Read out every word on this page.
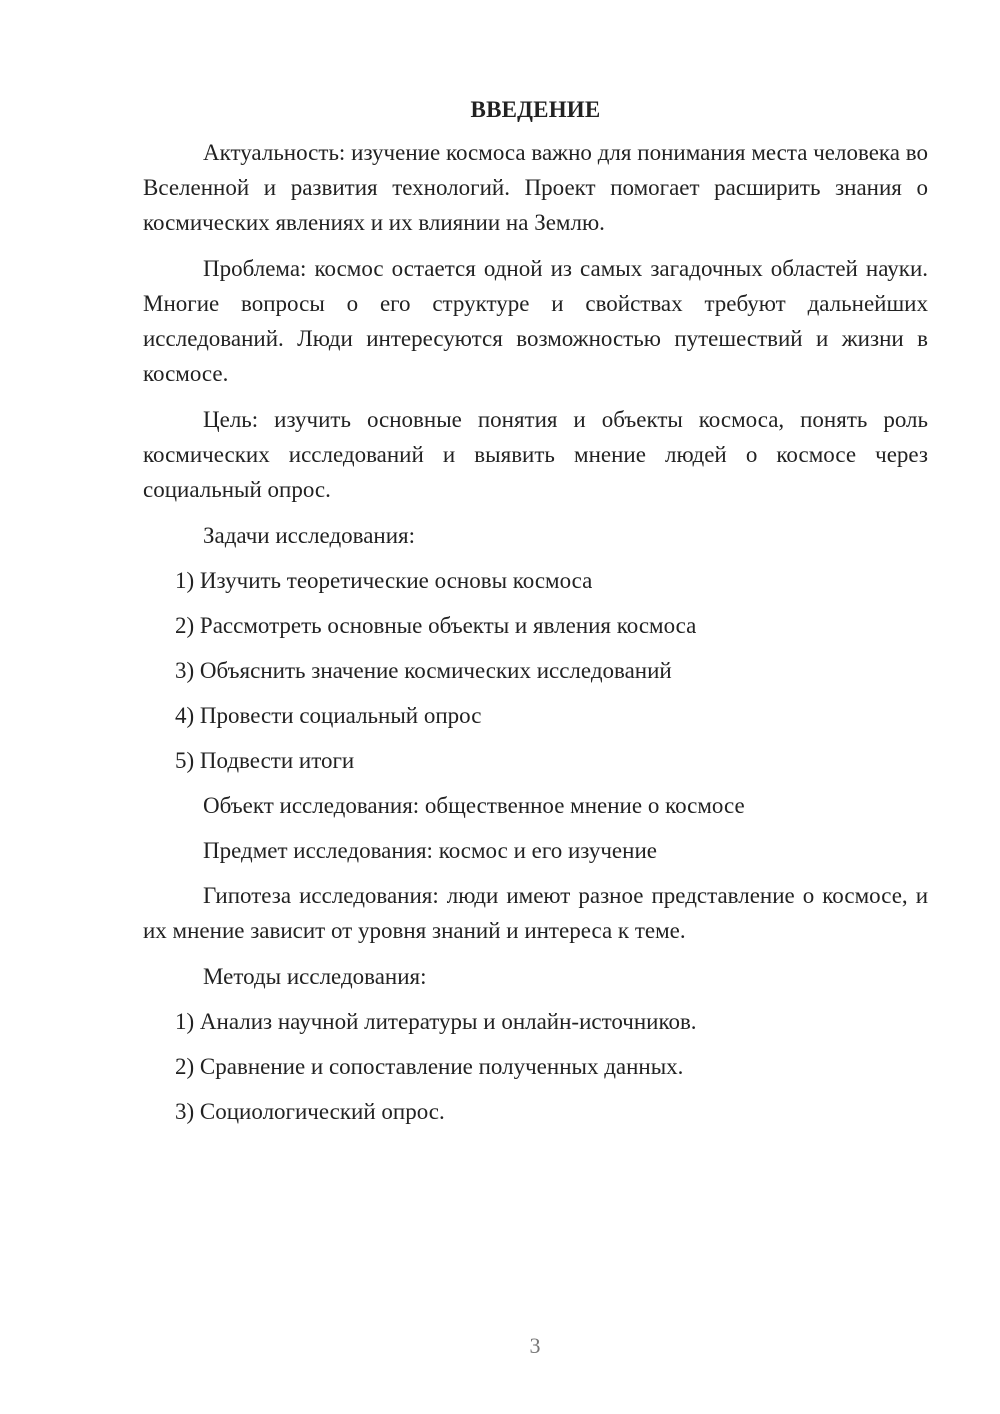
ВВЕДЕНИЕ

Актуальность: изучение космоса важно для понимания места человека во Вселенной и развития технологий. Проект помогает расширить знания о космических явлениях и их влиянии на Землю.

Проблема: космос остается одной из самых загадочных областей науки. Многие вопросы о его структуре и свойствах требуют дальнейших исследований. Люди интересуются возможностью путешествий и жизни в космосе.

Цель: изучить основные понятия и объекты космоса, понять роль космических исследований и выявить мнение людей о космосе через социальный опрос.

Задачи исследования:
1) Изучить теоретические основы космоса
2) Рассмотреть основные объекты и явления космоса
3) Объяснить значение космических исследований
4) Провести социальный опрос
5) Подвести итоги
Объект исследования: общественное мнение о космосе
Предмет исследования: космос и его изучение

Гипотеза исследования: люди имеют разное представление о космосе, и их мнение зависит от уровня знаний и интереса к теме.

Методы исследования:
1) Анализ научной литературы и онлайн-источников.
2) Сравнение и сопоставление полученных данных.
3) Социологический опрос.
3
